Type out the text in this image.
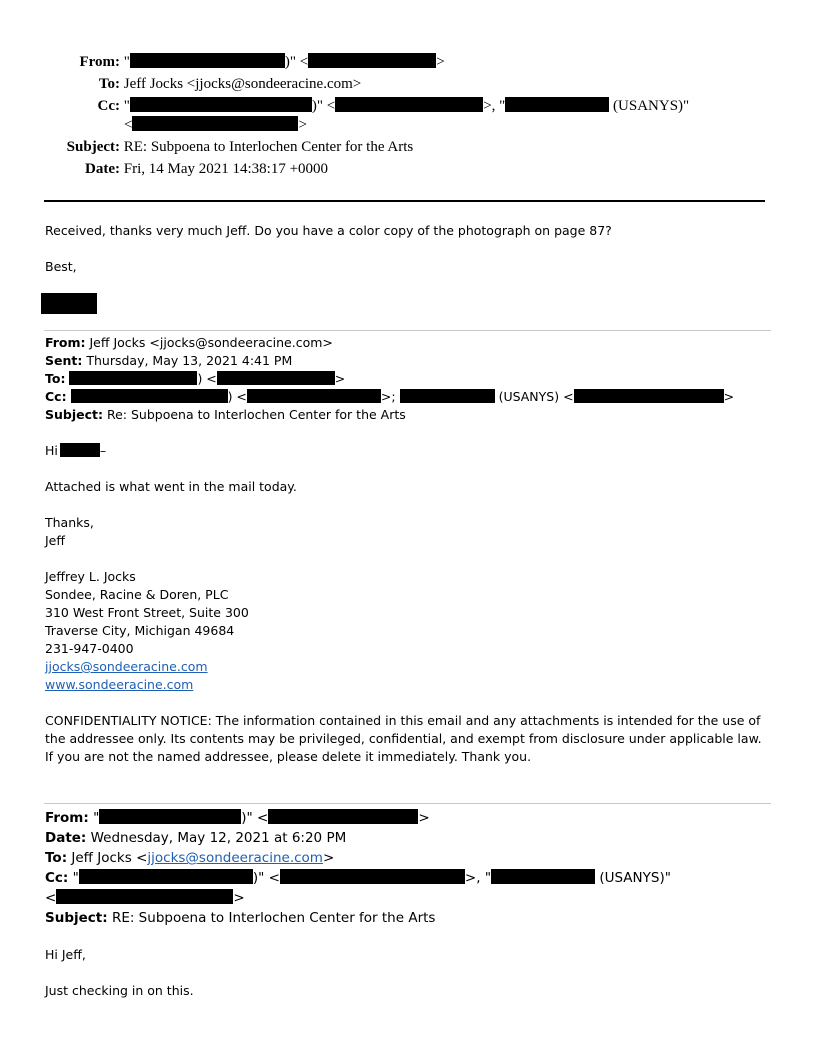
From: "	)" <	>
To: Jeff Jocks <jjocks@sondeeracine.com>
Cc: "	)" <	>, "	(USANYS)"
<	>
Subject: RE: Subpoena to Interlochen Center for the Arts
Date: Fri, 14 May 2021 14:38:17 +0000
Received, thanks very much Jeff. Do you have a color copy of the photograph on page 87?
Best,
From: Jeff Jocks <jjocks@sondeeracine.com>
Sent: Thursday, May 13, 2021 4:41 PM
To:	) <	>
Cc:	) <	>;	(USANYS) <	>
Subject: Re: Subpoena to Interlochen Center for the Arts
Hi	–
Attached is what went in the mail today.
Thanks,
Jeff
Jeffrey L. Jocks
Sondee, Racine & Doren, PLC
310 West Front Street, Suite 300
Traverse City, Michigan 49684
231-947-0400
jjocks@sondeeracine.com
www.sondeeracine.com
CONFIDENTIALITY NOTICE: The information contained in this email and any attachments is intended for the use of the addressee only. Its contents may be privileged, confidential, and exempt from disclosure under applicable law. If you are not the named addressee, please delete it immediately. Thank you.
From: "	)" <	>
Date: Wednesday, May 12, 2021 at 6:20 PM
To: Jeff Jocks <jjocks@sondeeracine.com>
Cc: "	)" <	>, "	(USANYS)"
<	>
Subject: RE: Subpoena to Interlochen Center for the Arts
Hi Jeff,
Just checking in on this.
